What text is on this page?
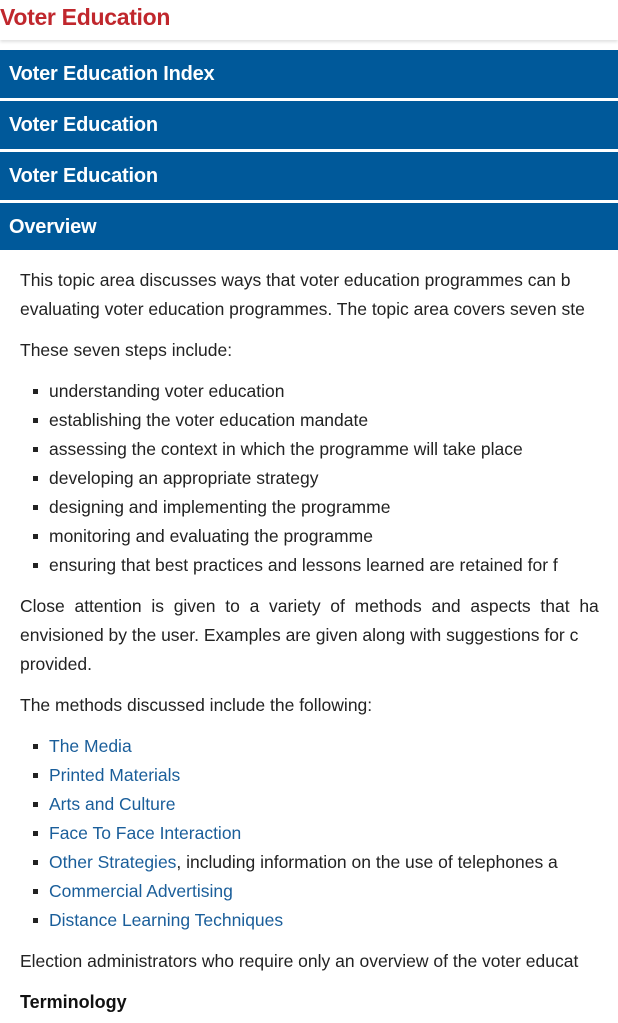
Voter Education
Voter Education Index
Voter Education
Voter Education
Overview

This topic area discusses ways that voter education programmes can b

evaluating voter education programmes. The topic area covers seven ste

These seven steps include:

understanding voter education
establishing the voter education mandate
assessing the context in which the programme will take place
developing an appropriate strategy
designing and implementing the programme
monitoring and evaluating the programme
ensuring that best practices and lessons learned are retained for f

Close  attention  is  given  to  a  variety  of  methods  and  aspects  that  ha

envisioned by the user. Examples are given along with suggestions for c

provided.

The methods discussed include the following:

The Media
Printed Materials
Arts and Culture
Face To Face Interaction
Other Strategies, including information on the use of telephones a
Commercial Advertising
Distance Learning Techniques

Election administrators who require only an overview of the voter educat

Terminology
